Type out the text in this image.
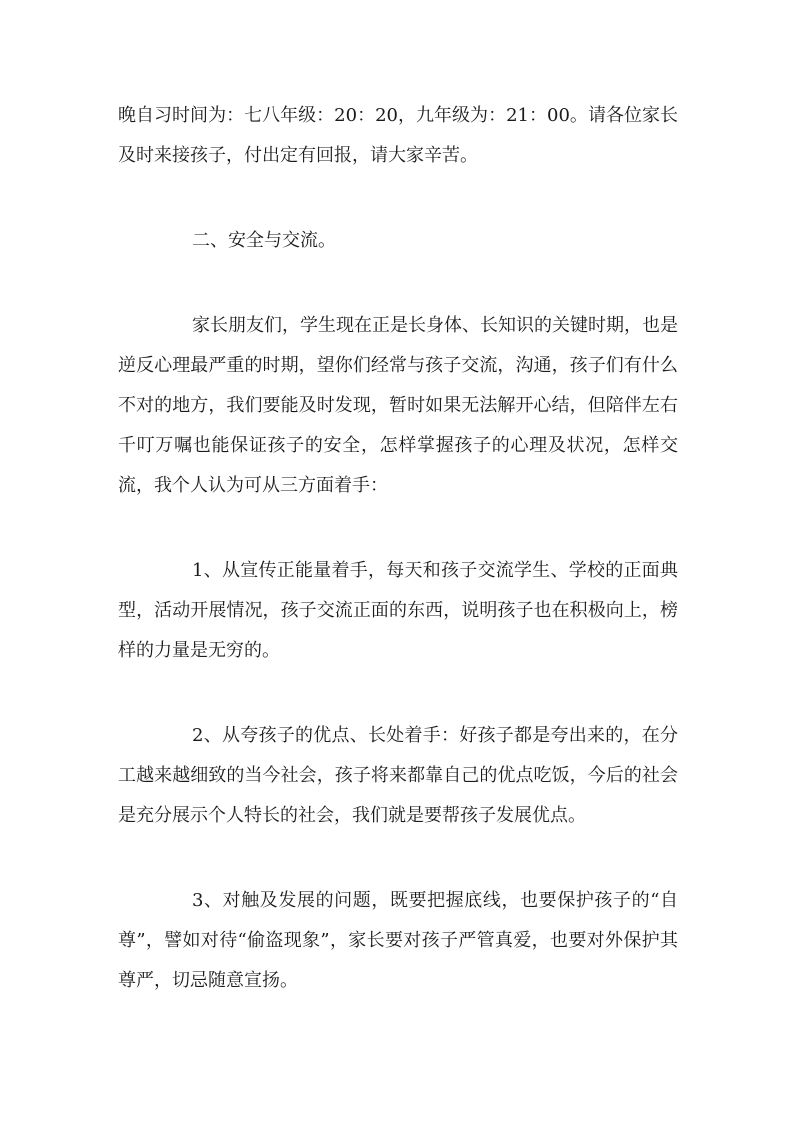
晚自习时间为：七八年级：20：20，九年级为：21：00。请各位家长及时来接孩子，付出定有回报，请大家辛苦。

二、安全与交流。

家长朋友们，学生现在正是长身体、长知识的关键时期，也是逆反心理最严重的时期，望你们经常与孩子交流，沟通，孩子们有什么不对的地方，我们要能及时发现，暂时如果无法解开心结，但陪伴左右千叮万嘱也能保证孩子的安全，怎样掌握孩子的心理及状况，怎样交流，我个人认为可从三方面着手：

1、从宣传正能量着手，每天和孩子交流学生、学校的正面典型，活动开展情况，孩子交流正面的东西，说明孩子也在积极向上，榜样的力量是无穷的。

2、从夸孩子的优点、长处着手：好孩子都是夸出来的，在分工越来越细致的当今社会，孩子将来都靠自己的优点吃饭，今后的社会是充分展示个人特长的社会，我们就是要帮孩子发展优点。

3、对触及发展的问题，既要把握底线，也要保护孩子的“自尊”，譬如对待“偷盗现象”，家长要对孩子严管真爱，也要对外保护其尊严，切忌随意宣扬。
